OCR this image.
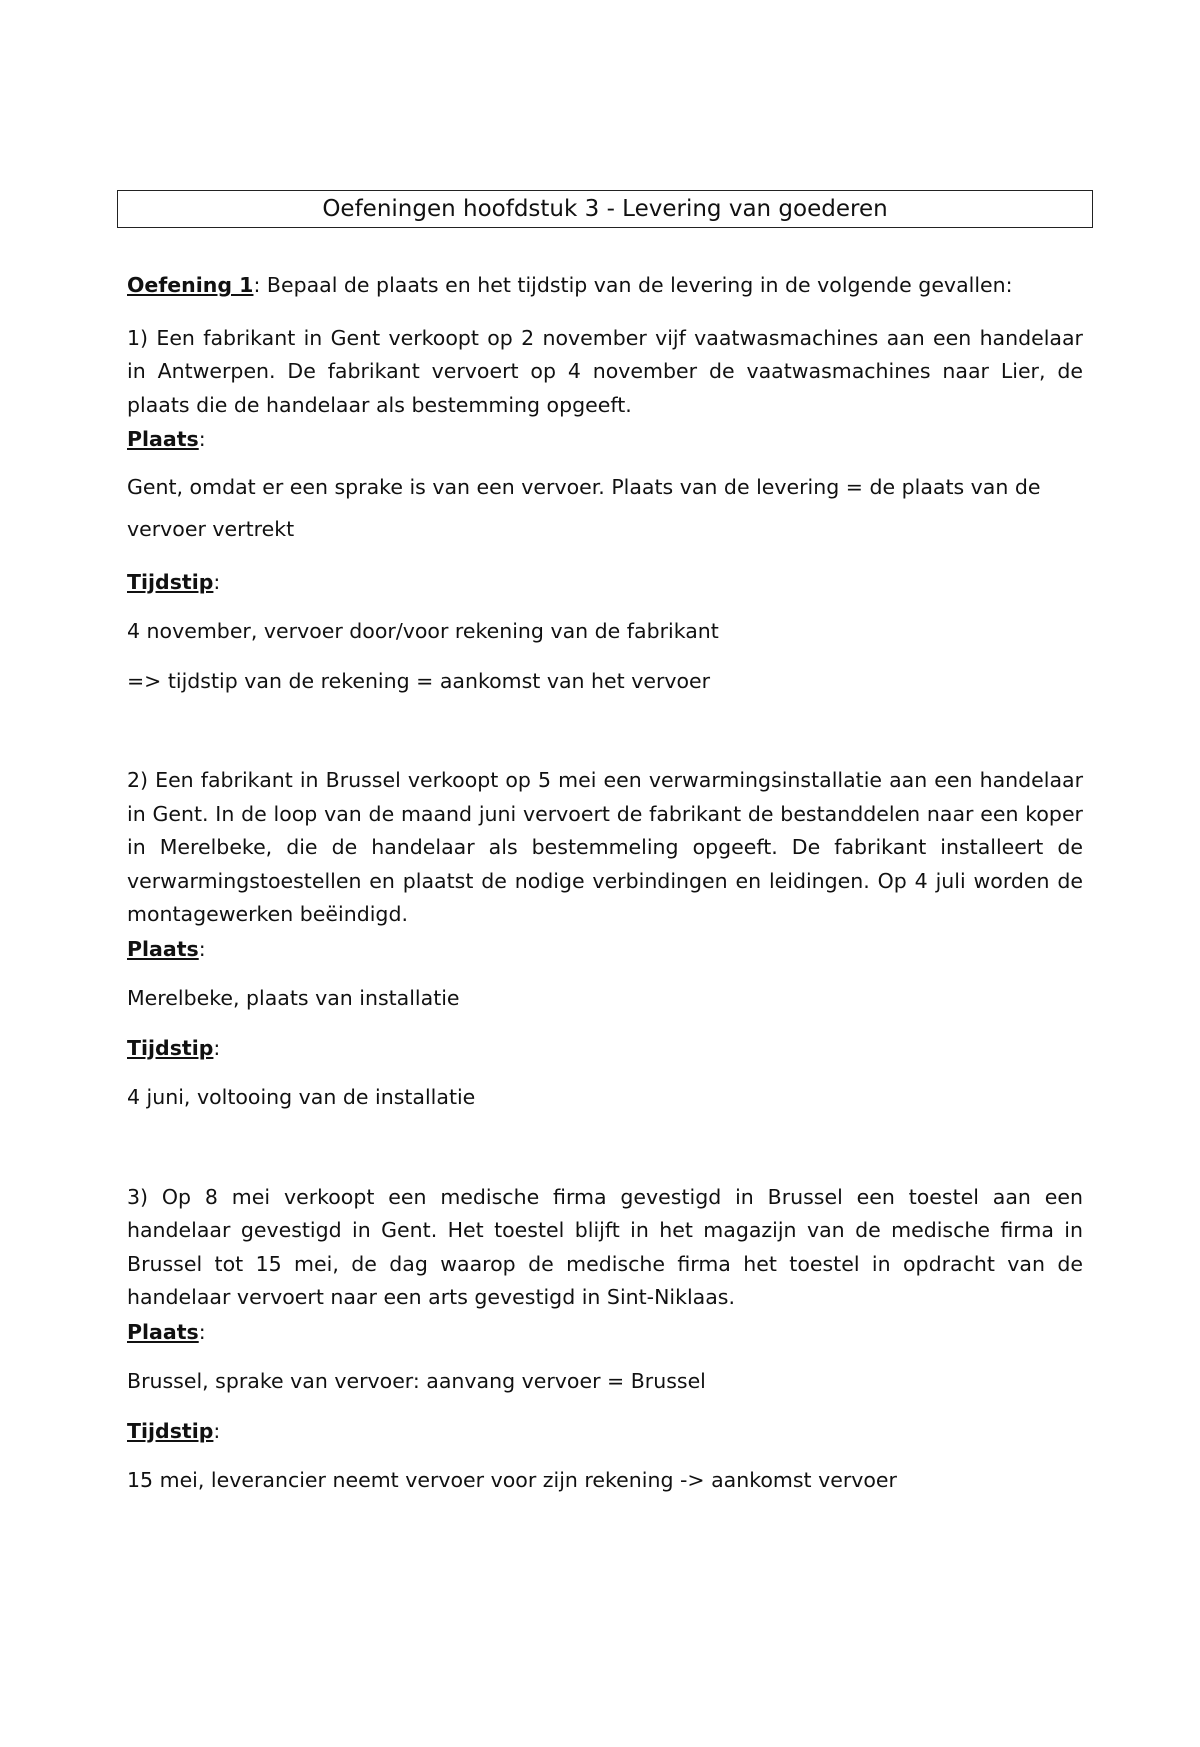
Oefeningen hoofdstuk 3 - Levering van goederen

Oefening 1: Bepaal de plaats en het tijdstip van de levering in de volgende gevallen:

1) Een fabrikant in Gent verkoopt op 2 november vijf vaatwasmachines aan een handelaar in Antwerpen. De fabrikant vervoert op 4 november de vaatwasmachines naar Lier, de plaats die de handelaar als bestemming opgeeft.

Plaats:

Gent, omdat er een sprake is van een vervoer. Plaats van de levering = de plaats van de vervoer vertrekt

Tijdstip:

4 november, vervoer door/voor rekening van de fabrikant

=> tijdstip van de rekening = aankomst van het vervoer

2) Een fabrikant in Brussel verkoopt op 5 mei een verwarmingsinstallatie aan een handelaar in Gent. In de loop van de maand juni vervoert de fabrikant de bestanddelen naar een koper in Merelbeke, die de handelaar als bestemmeling opgeeft. De fabrikant installeert de verwarmingstoestellen en plaatst de nodige verbindingen en leidingen. Op 4 juli worden de montagewerken beëindigd.

Plaats:

Merelbeke, plaats van installatie

Tijdstip:

4 juni, voltooing van de installatie

3) Op 8 mei verkoopt een medische firma gevestigd in Brussel een toestel aan een handelaar gevestigd in Gent. Het toestel blijft in het magazijn van de medische firma in Brussel tot 15 mei, de dag waarop de medische firma het toestel in opdracht van de handelaar vervoert naar een arts gevestigd in Sint-Niklaas.

Plaats:

Brussel, sprake van vervoer: aanvang vervoer = Brussel

Tijdstip:

15 mei, leverancier neemt vervoer voor zijn rekening -> aankomst vervoer
